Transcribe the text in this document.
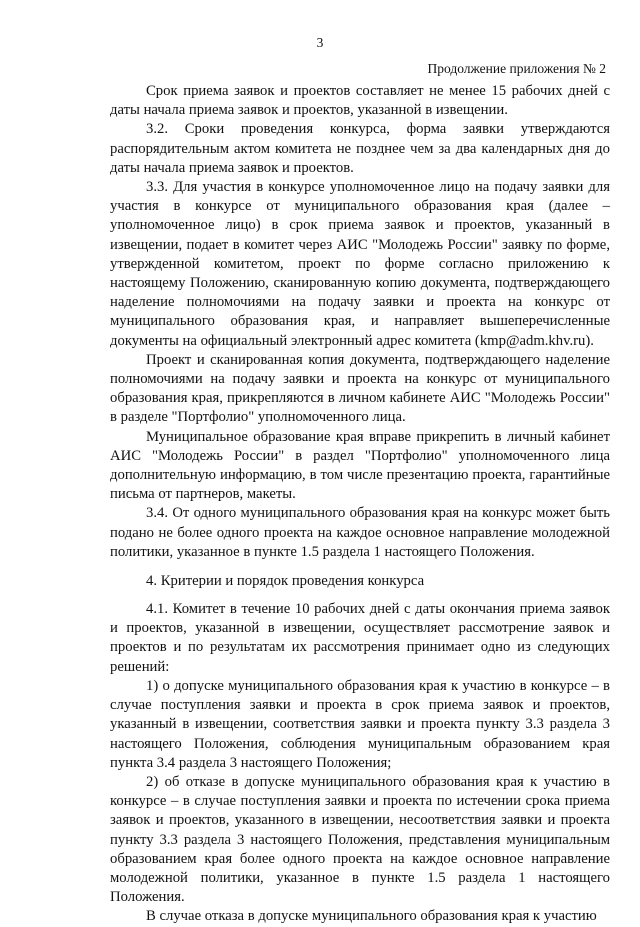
3
Продолжение приложения № 2

Срок приема заявок и проектов составляет не менее 15 рабочих дней с даты начала приема заявок и проектов, указанной в извещении.

3.2. Сроки проведения конкурса, форма заявки утверждаются распорядительным актом комитета не позднее чем за два календарных дня до даты начала приема заявок и проектов.

3.3. Для участия в конкурсе уполномоченное лицо на подачу заявки для участия в конкурсе от муниципального образования края (далее – уполномоченное лицо) в срок приема заявок и проектов, указанный в извещении, подает в комитет через АИС "Молодежь России" заявку по форме, утвержденной комитетом, проект по форме согласно приложению к настоящему Положению, сканированную копию документа, подтверждающего наделение полномочиями на подачу заявки и проекта на конкурс от муниципального образования края, и направляет вышеперечисленные документы на официальный электронный адрес комитета (kmp@adm.khv.ru).

Проект и сканированная копия документа, подтверждающего наделение полномочиями на подачу заявки и проекта на конкурс от муниципального образования края, прикрепляются в личном кабинете АИС "Молодежь России" в разделе "Портфолио" уполномоченного лица.

Муниципальное образование края вправе прикрепить в личный кабинет АИС "Молодежь России" в раздел "Портфолио" уполномоченного лица дополнительную информацию, в том числе презентацию проекта, гарантийные письма от партнеров, макеты.

3.4. От одного муниципального образования края на конкурс может быть подано не более одного проекта на каждое основное направление молодежной политики, указанное в пункте 1.5 раздела 1 настоящего Положения.

4. Критерии и порядок проведения конкурса

4.1. Комитет в течение 10 рабочих дней с даты окончания приема заявок и проектов, указанной в извещении, осуществляет рассмотрение заявок и проектов и по результатам их рассмотрения принимает одно из следующих решений:

1) о допуске муниципального образования края к участию в конкурсе – в случае поступления заявки и проекта в срок приема заявок и проектов, указанный в извещении, соответствия заявки и проекта пункту 3.3 раздела 3 настоящего Положения, соблюдения муниципальным образованием края пункта 3.4 раздела 3 настоящего Положения;

2) об отказе в допуске муниципального образования края к участию в конкурсе – в случае поступления заявки и проекта по истечении срока приема заявок и проектов, указанного в извещении, несоответствия заявки и проекта пункту 3.3 раздела 3 настоящего Положения, представления муниципальным образованием края более одного проекта на каждое основное направление молодежной политики, указанное в пункте 1.5 раздела 1 настоящего Положения.

В случае отказа в допуске муниципального образования края к участию
